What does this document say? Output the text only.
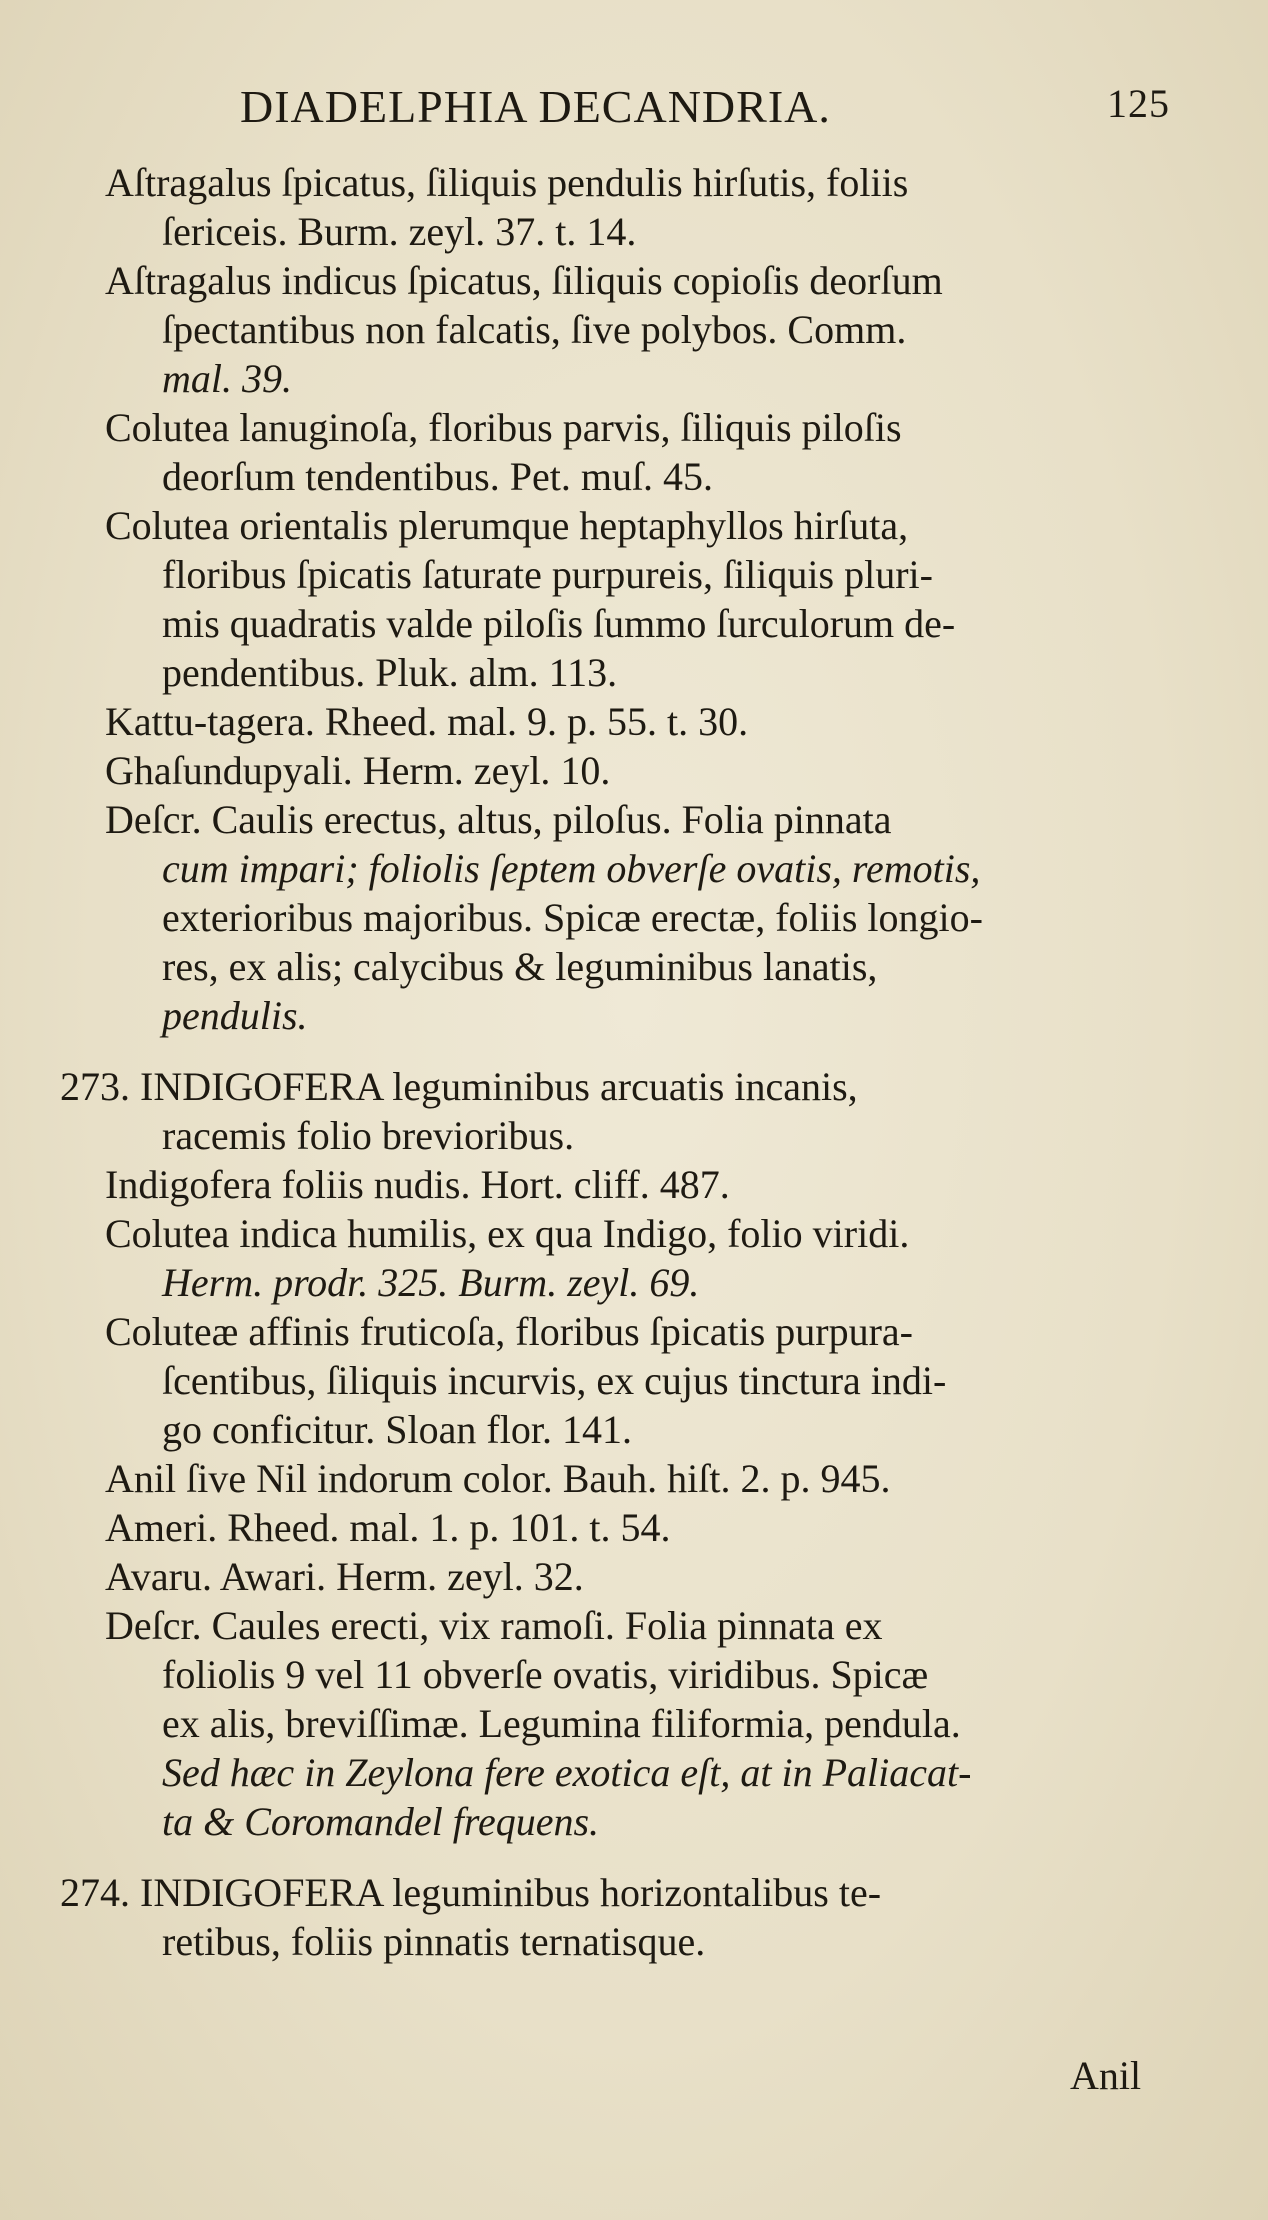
DIADELPHIA DECANDRIA.	125
Aſtragalus ſpicatus, ſiliquis pendulis hirſutis, foliis
ſericeis. Burm. zeyl. 37. t. 14.
Aſtragalus indicus ſpicatus, ſiliquis copioſis deorſum
ſpectantibus non falcatis, ſive polybos. Comm.
mal. 39.
Colutea lanuginoſa, floribus parvis, ſiliquis piloſis
deorſum tendentibus. Pet. muſ. 45.
Colutea orientalis plerumque heptaphyllos hirſuta,
floribus ſpicatis ſaturate purpureis, ſiliquis pluri-
mis quadratis valde piloſis ſummo ſurculorum de-
pendentibus. Pluk. alm. 113.
Kattu-tagera. Rheed. mal. 9. p. 55. t. 30.
Ghaſundupyali. Herm. zeyl. 10.
Deſcr. Caulis erectus, altus, piloſus. Folia pinnata
cum impari; foliolis ſeptem obverſe ovatis, remotis,
exterioribus majoribus. Spicæ erectæ, foliis longio-
res, ex alis; calycibus & leguminibus lanatis,
pendulis.
273. INDIGOFERA leguminibus arcuatis incanis,
racemis folio brevioribus.
Indigofera foliis nudis. Hort. cliff. 487.
Colutea indica humilis, ex qua Indigo, folio viridi.
Herm. prodr. 325. Burm. zeyl. 69.
Coluteæ affinis fruticoſa, floribus ſpicatis purpura-
ſcentibus, ſiliquis incurvis, ex cujus tinctura indi-
go conficitur. Sloan flor. 141.
Anil ſive Nil indorum color. Bauh. hiſt. 2. p. 945.
Ameri. Rheed. mal. 1. p. 101. t. 54.
Avaru. Awari. Herm. zeyl. 32.
Deſcr. Caules erecti, vix ramoſi. Folia pinnata ex
foliolis 9 vel 11 obverſe ovatis, viridibus. Spicæ
ex alis, breviſſimæ. Legumina filiformia, pendula.
Sed hæc in Zeylona fere exotica eſt, at in Paliacat-
ta & Coromandel frequens.
274. INDIGOFERA leguminibus horizontalibus te-
retibus, foliis pinnatis ternatisque.
Anil
